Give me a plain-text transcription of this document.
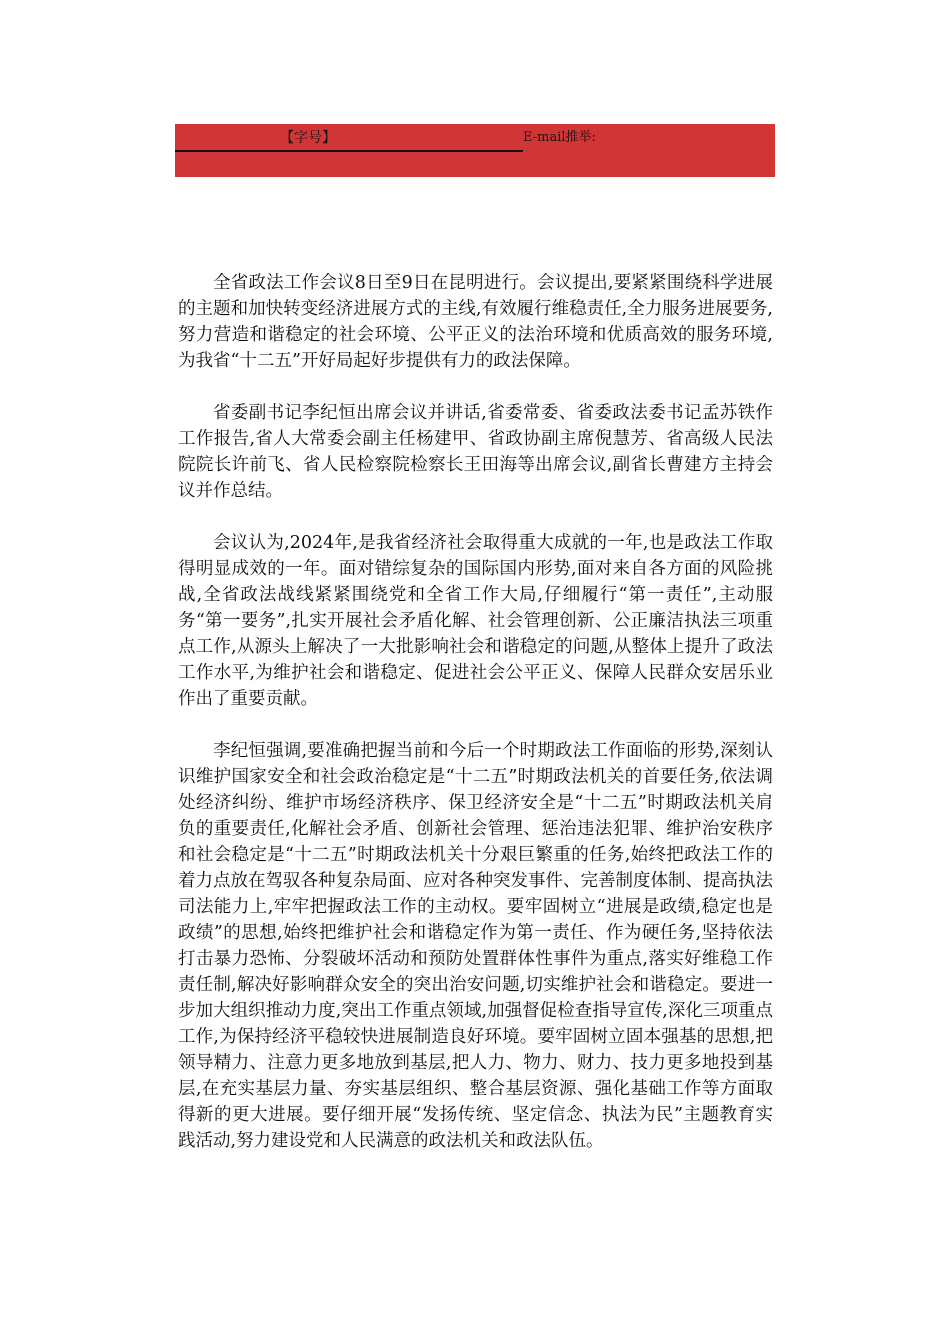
【字号】	E-mail推举:

全省政法工作会议8日至9日在昆明进行。会议提出,要紧紧围绕科学进展的主题和加快转变经济进展方式的主线,有效履行维稳责任,全力服务进展要务,努力营造和谐稳定的社会环境、公平正义的法治环境和优质高效的服务环境,为我省“十二五”开好局起好步提供有力的政法保障。

省委副书记李纪恒出席会议并讲话,省委常委、省委政法委书记孟苏铁作工作报告,省人大常委会副主任杨建甲、省政协副主席倪慧芳、省高级人民法院院长许前飞、省人民检察院检察长王田海等出席会议,副省长曹建方主持会议并作总结。

会议认为,2024年,是我省经济社会取得重大成就的一年,也是政法工作取得明显成效的一年。面对错综复杂的国际国内形势,面对来自各方面的风险挑战,全省政法战线紧紧围绕党和全省工作大局,仔细履行“第一责任”,主动服务“第一要务”,扎实开展社会矛盾化解、社会管理创新、公正廉洁执法三项重点工作,从源头上解决了一大批影响社会和谐稳定的问题,从整体上提升了政法工作水平,为维护社会和谐稳定、促进社会公平正义、保障人民群众安居乐业作出了重要贡献。

李纪恒强调,要准确把握当前和今后一个时期政法工作面临的形势,深刻认识维护国家安全和社会政治稳定是“十二五”时期政法机关的首要任务,依法调处经济纠纷、维护市场经济秩序、保卫经济安全是“十二五”时期政法机关肩负的重要责任,化解社会矛盾、创新社会管理、惩治违法犯罪、维护治安秩序和社会稳定是“十二五”时期政法机关十分艰巨繁重的任务,始终把政法工作的着力点放在驾驭各种复杂局面、应对各种突发事件、完善制度体制、提高执法司法能力上,牢牢把握政法工作的主动权。要牢固树立“进展是政绩,稳定也是政绩”的思想,始终把维护社会和谐稳定作为第一责任、作为硬任务,坚持依法打击暴力恐怖、分裂破坏活动和预防处置群体性事件为重点,落实好维稳工作责任制,解决好影响群众安全的突出治安问题,切实维护社会和谐稳定。要进一步加大组织推动力度,突出工作重点领域,加强督促检查指导宣传,深化三项重点工作,为保持经济平稳较快进展制造良好环境。要牢固树立固本强基的思想,把领导精力、注意力更多地放到基层,把人力、物力、财力、技力更多地投到基层,在充实基层力量、夯实基层组织、整合基层资源、强化基础工作等方面取得新的更大进展。要仔细开展“发扬传统、坚定信念、执法为民”主题教育实践活动,努力建设党和人民满意的政法机关和政法队伍。
